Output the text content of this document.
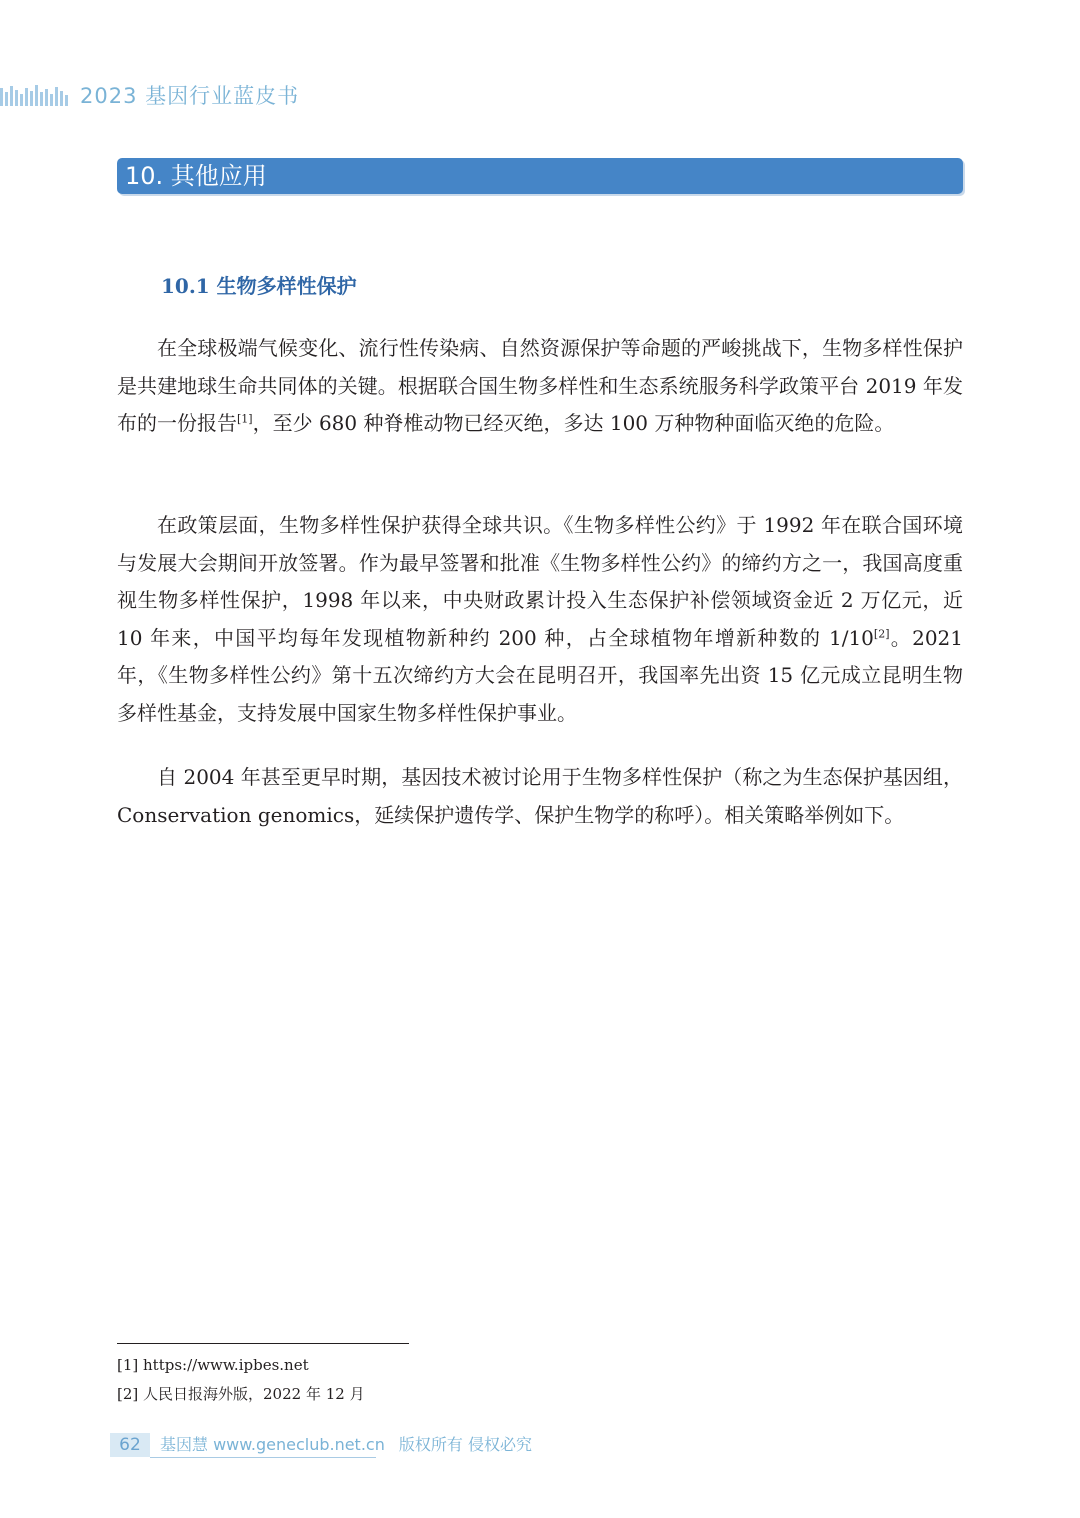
2023 基因行业蓝皮书
10. 其他应用
10.1 生物多样性保护

在全球极端气候变化、流行性传染病、自然资源保护等命题的严峻挑战下，生物多样性保护是共建地球生命共同体的关键。根据联合国生物多样性和生态系统服务科学政策平台 2019 年发布的一份报告[1]，至少 680 种脊椎动物已经灭绝，多达 100 万种物种面临灭绝的危险。

在政策层面，生物多样性保护获得全球共识。《生物多样性公约》于 1992 年在联合国环境与发展大会期间开放签署。作为最早签署和批准《生物多样性公约》的缔约方之一，我国高度重视生物多样性保护，1998 年以来，中央财政累计投入生态保护补偿领域资金近 2 万亿元，近 10 年来，中国平均每年发现植物新种约 200 种，占全球植物年增新种数的 1/10[2]。2021 年，《生物多样性公约》第十五次缔约方大会在昆明召开，我国率先出资 15 亿元成立昆明生物多样性基金，支持发展中国家生物多样性保护事业。

自 2004 年甚至更早时期，基因技术被讨论用于生物多样性保护（称之为生态保护基因组，Conservation genomics，延续保护遗传学、保护生物学的称呼）。相关策略举例如下。

[1] https://www.ipbes.net
[2] 人民日报海外版，2022 年 12 月
62	基因慧 www.geneclub.net.cn 版权所有 侵权必究
